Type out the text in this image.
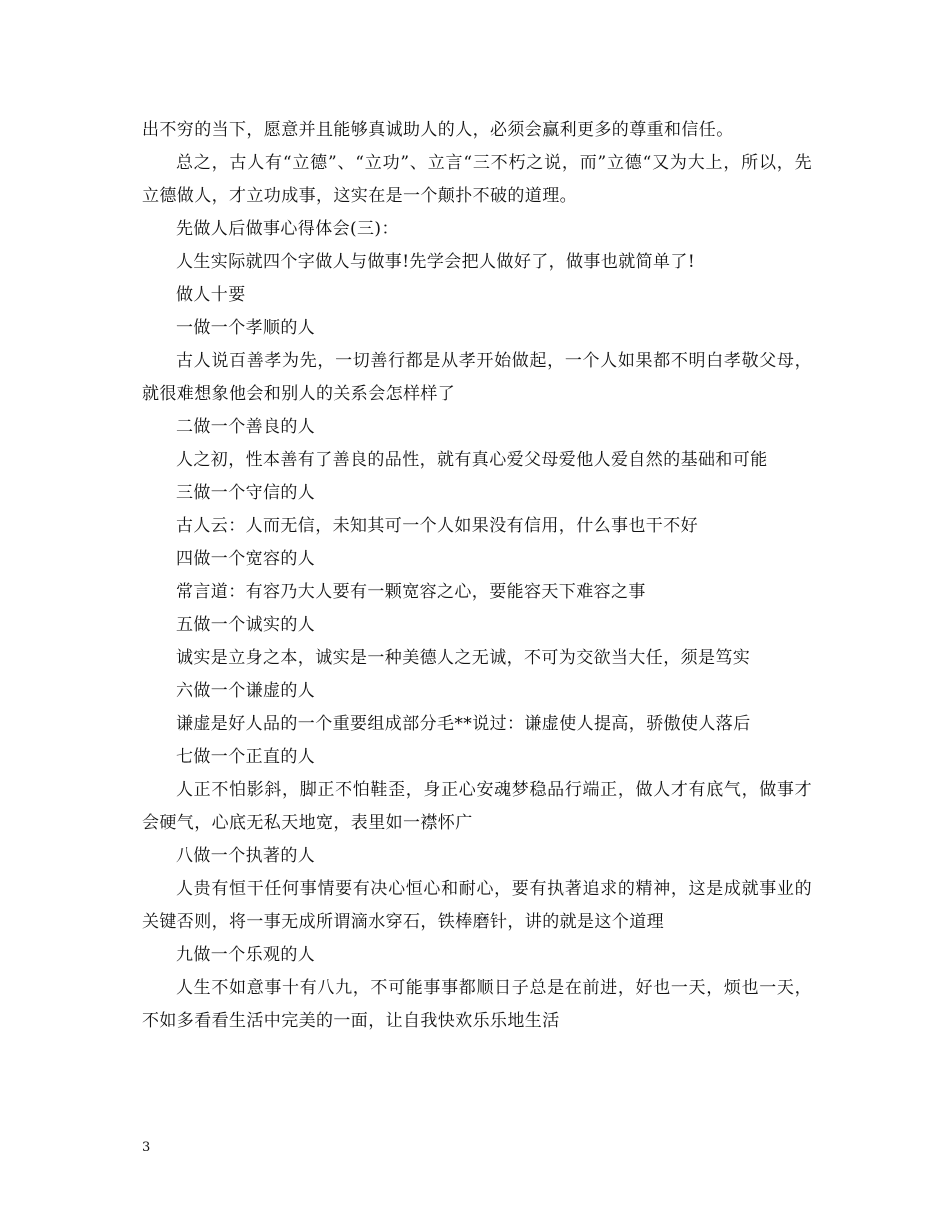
出不穷的当下，愿意并且能够真诚助人的人，必须会赢利更多的尊重和信任。

总之，古人有“立德”、“立功”、立言“三不朽之说，而”立德“又为大上，所以，先立德做人，才立功成事，这实在是一个颠扑不破的道理。

先做人后做事心得体会(三)：

人生实际就四个字做人与做事!先学会把人做好了，做事也就简单了!

做人十要

一做一个孝顺的人

古人说百善孝为先，一切善行都是从孝开始做起，一个人如果都不明白孝敬父母，就很难想象他会和别人的关系会怎样样了

二做一个善良的人

人之初，性本善有了善良的品性，就有真心爱父母爱他人爱自然的基础和可能

三做一个守信的人

古人云：人而无信，未知其可一个人如果没有信用，什么事也干不好

四做一个宽容的人

常言道：有容乃大人要有一颗宽容之心，要能容天下难容之事

五做一个诚实的人

诚实是立身之本，诚实是一种美德人之无诚，不可为交欲当大任，须是笃实

六做一个谦虚的人

谦虚是好人品的一个重要组成部分毛**说过：谦虚使人提高，骄傲使人落后

七做一个正直的人

人正不怕影斜，脚正不怕鞋歪，身正心安魂梦稳品行端正，做人才有底气，做事才会硬气，心底无私天地宽，表里如一襟怀广

八做一个执著的人

人贵有恒干任何事情要有决心恒心和耐心，要有执著追求的精神，这是成就事业的关键否则，将一事无成所谓滴水穿石，铁棒磨针，讲的就是这个道理

九做一个乐观的人

人生不如意事十有八九，不可能事事都顺日子总是在前进，好也一天，烦也一天，不如多看看生活中完美的一面，让自我快欢乐乐地生活

3
